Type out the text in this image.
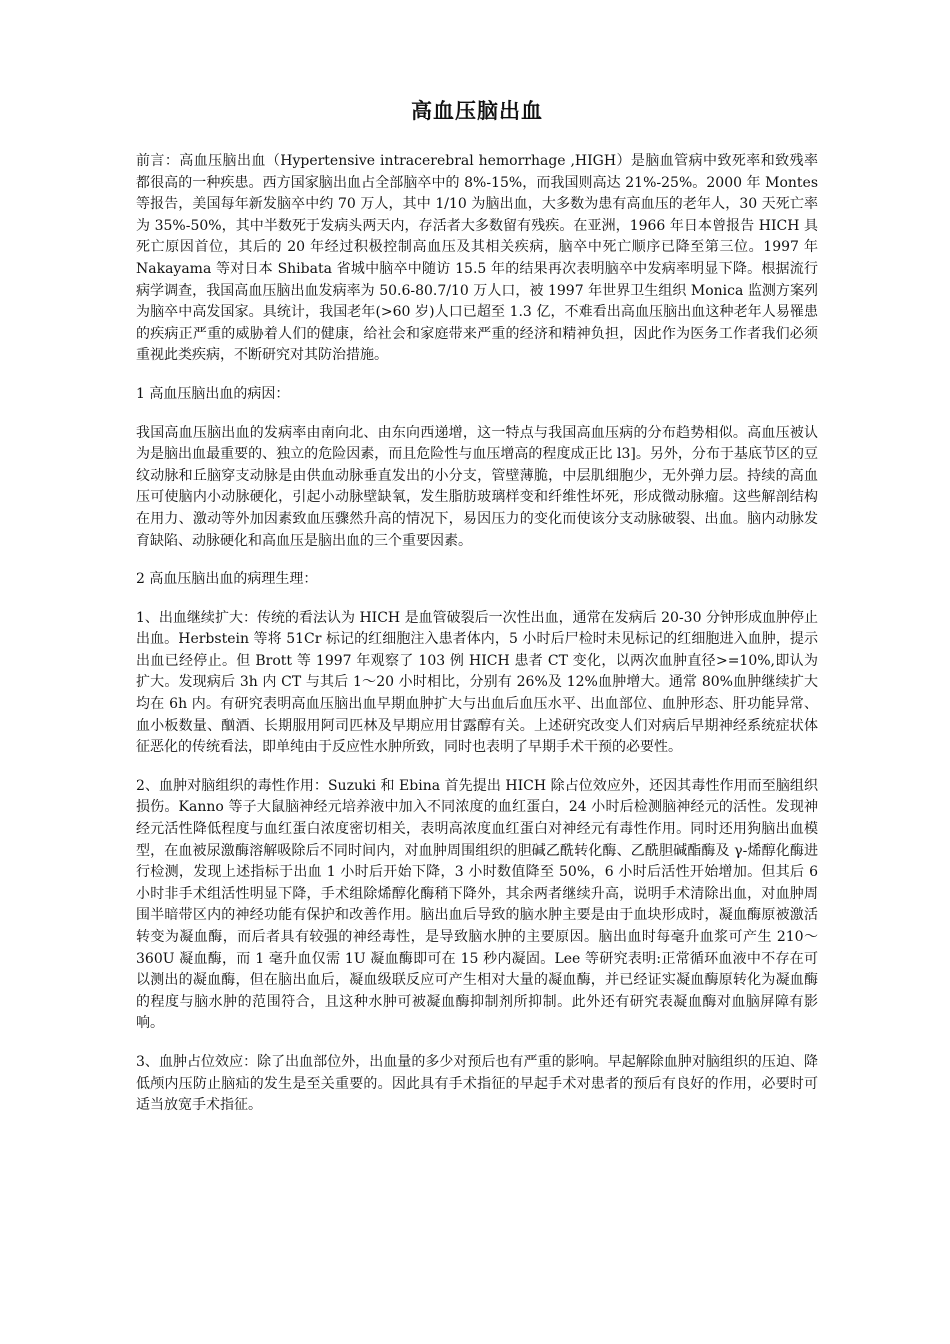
高血压脑出血

前言：高血压脑出血（Hypertensive intracerebral hemorrhage ,HIGH）是脑血管病中致死率和致残率都很高的一种疾患。西方国家脑出血占全部脑卒中的 8%-15%，而我国则高达 21%-25%。2000 年 Montes 等报告，美国每年新发脑卒中约 70 万人，其中 1/10 为脑出血，大多数为患有高血压的老年人，30 天死亡率为 35%-50%，其中半数死于发病头两天内，存活者大多数留有残疾。在亚洲，1966 年日本曾报告 HICH 具死亡原因首位，其后的 20 年经过积极控制高血压及其相关疾病，脑卒中死亡顺序已降至第三位。1997 年 Nakayama 等对日本 Shibata 省城中脑卒中随访 15.5 年的结果再次表明脑卒中发病率明显下降。根据流行病学调查，我国高血压脑出血发病率为 50.6-80.7/10 万人口，被 1997 年世界卫生组织 Monica 监测方案列为脑卒中高发国家。具统计，我国老年(>60 岁)人口已超至 1.3 亿，不难看出高血压脑出血这种老年人易罹患的疾病正严重的威胁着人们的健康，给社会和家庭带来严重的经济和精神负担，因此作为医务工作者我们必须重视此类疾病，不断研究对其防治措施。

1 高血压脑出血的病因：

我国高血压脑出血的发病率由南向北、由东向西递增，这一特点与我国高血压病的分布趋势相似。高血压被认为是脑出血最重要的、独立的危险因素，而且危险性与血压增高的程度成正比 l3]。另外，分布于基底节区的豆纹动脉和丘脑穿支动脉是由供血动脉垂直发出的小分支，管壁薄脆，中层肌细胞少，无外弹力层。持续的高血压可使脑内小动脉硬化，引起小动脉壁缺氧，发生脂肪玻璃样变和纤维性坏死，形成微动脉瘤。这些解剖结构在用力、激动等外加因素致血压骤然升高的情况下，易因压力的变化而使该分支动脉破裂、出血。脑内动脉发育缺陷、动脉硬化和高血压是脑出血的三个重要因素。

2 高血压脑出血的病理生理：

1、出血继续扩大：传统的看法认为 HICH 是血管破裂后一次性出血，通常在发病后 20-30 分钟形成血肿停止出血。Herbstein 等将 51Cr 标记的红细胞注入患者体内，5 小时后尸检时未见标记的红细胞进入血肿，提示出血已经停止。但 Brott 等 1997 年观察了 103 例 HICH 患者 CT 变化，以两次血肿直径>=10%,即认为扩大。发现病后 3h 内 CT 与其后 1～20 小时相比，分别有 26%及 12%血肿增大。通常 80%血肿继续扩大均在 6h 内。有研究表明高血压脑出血早期血肿扩大与出血后血压水平、出血部位、血肿形态、肝功能异常、血小板数量、酗酒、长期服用阿司匹林及早期应用甘露醇有关。上述研究改变人们对病后早期神经系统症状体征恶化的传统看法，即单纯由于反应性水肿所致，同时也表明了早期手术干预的必要性。

2、血肿对脑组织的毒性作用：Suzuki 和 Ebina 首先提出 HICH 除占位效应外，还因其毒性作用而至脑组织损伤。Kanno 等子大鼠脑神经元培养液中加入不同浓度的血红蛋白，24 小时后检测脑神经元的活性。发现神经元活性降低程度与血红蛋白浓度密切相关，表明高浓度血红蛋白对神经元有毒性作用。同时还用狗脑出血模型，在血被尿激酶溶解吸除后不同时间内，对血肿周围组织的胆碱乙酰转化酶、乙酰胆碱酯酶及 γ-烯醇化酶进行检测，发现上述指标于出血 1 小时后开始下降，3 小时数值降至 50%，6 小时后活性开始增加。但其后 6 小时非手术组活性明显下降，手术组除烯醇化酶稍下降外，其余两者继续升高，说明手术清除出血，对血肿周围半暗带区内的神经功能有保护和改善作用。脑出血后导致的脑水肿主要是由于血块形成时，凝血酶原被激活转变为凝血酶，而后者具有较强的神经毒性，是导致脑水肿的主要原因。脑出血时每毫升血浆可产生 210～360U 凝血酶，而 1 毫升血仅需 1U 凝血酶即可在 15 秒内凝固。Lee 等研究表明:正常循环血液中不存在可以测出的凝血酶，但在脑出血后，凝血级联反应可产生相对大量的凝血酶，并已经证实凝血酶原转化为凝血酶的程度与脑水肿的范围符合，且这种水肿可被凝血酶抑制剂所抑制。此外还有研究表凝血酶对血脑屏障有影响。

3、血肿占位效应：除了出血部位外，出血量的多少对预后也有严重的影响。早起解除血肿对脑组织的压迫、降低颅内压防止脑疝的发生是至关重要的。因此具有手术指征的早起手术对患者的预后有良好的作用，必要时可适当放宽手术指征。
